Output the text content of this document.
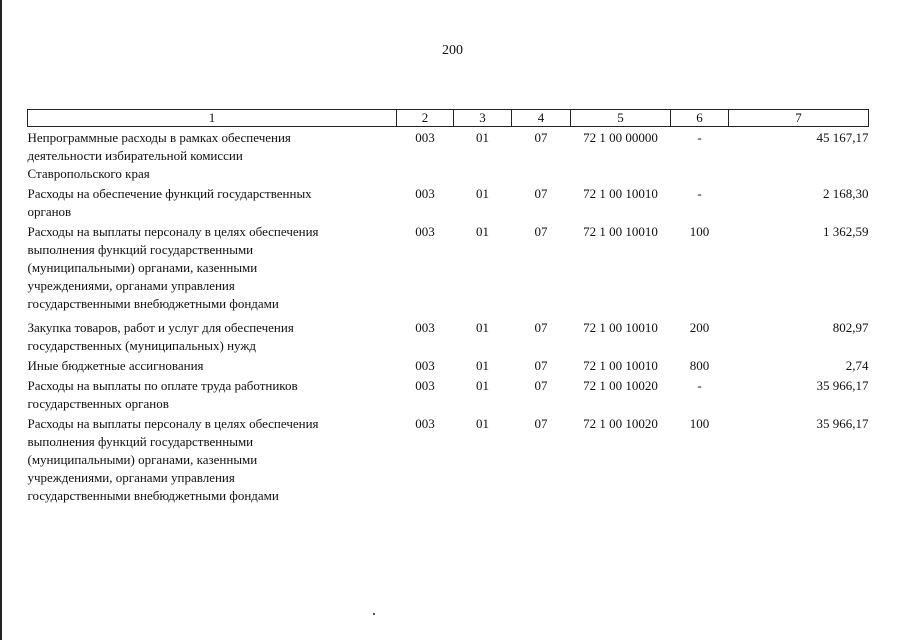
200
1	2	3	4	5	6	7

Непрограммные расходы в рамках обеспечения
деятельности избирательной комиссии
Ставропольского края	003	01	07	72 1 00 00000	-	45 167,17

Расходы на обеспечение функций государственных
органов	003	01	07	72 1 00 10010	-	2 168,30

Расходы на выплаты персоналу в целях обеспечения
выполнения функций государственными
(муниципальными) органами, казенными
учреждениями, органами управления
государственными внебюджетными фондами	003	01	07	72 1 00 10010	100	1 362,59

Закупка товаров, работ и услуг для обеспечения
государственных (муниципальных) нужд	003	01	07	72 1 00 10010	200	802,97

Иные бюджетные ассигнования	003	01	07	72 1 00 10010	800	2,74

Расходы на выплаты по оплате труда работников
государственных органов	003	01	07	72 1 00 10020	-	35 966,17

Расходы на выплаты персоналу в целях обеспечения
выполнения функций государственными
(муниципальными) органами, казенными
учреждениями, органами управления
государственными внебюджетными фондами	003	01	07	72 1 00 10020	100	35 966,17
